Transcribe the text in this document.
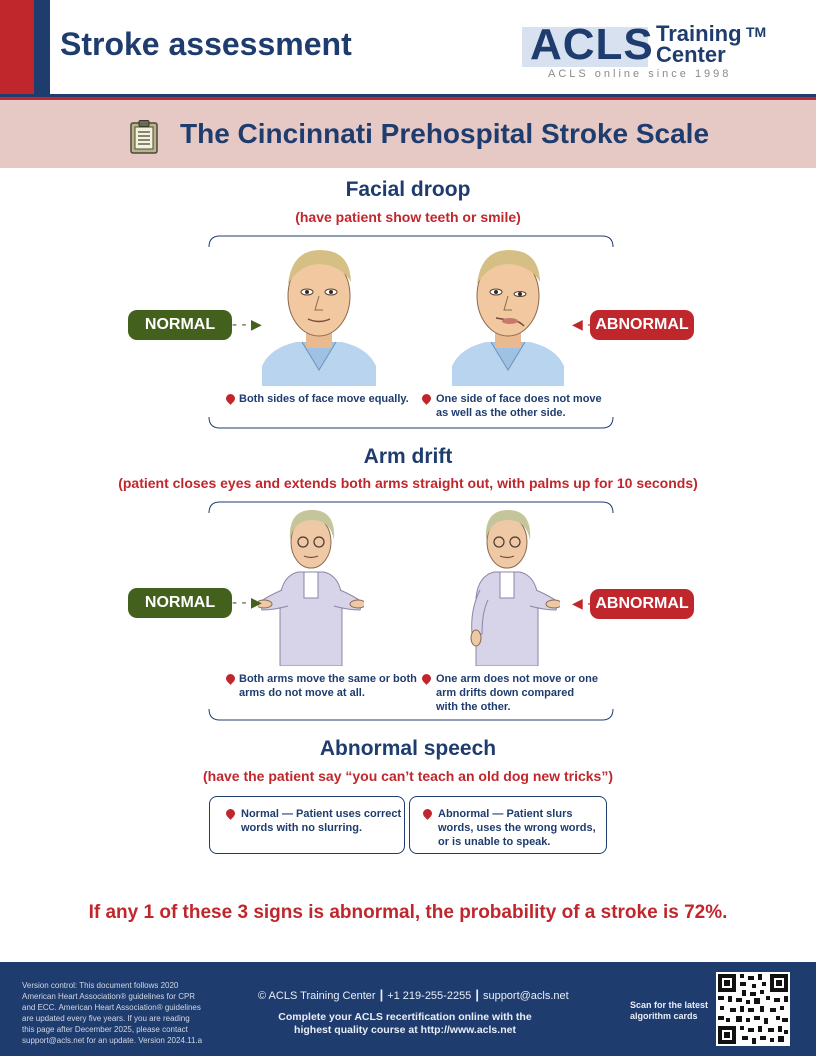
Stroke assessment	ACLS Training TM
Center
ACLS online since 1998
The Cincinnati Prehospital Stroke Scale
Facial droop
(have patient show teeth or smile)
NORMAL	‑ ‑ ▶	ABNORMAL
◀ ‑
Both sides of face move equally. One side of face does not move
as well as the other side.
Arm drift
(patient closes eyes and extends both arms straight out, with palms up for 10 seconds)
NORMAL	‑ ‑ ▶	ABNORMAL
◀ ‑
Both arms move the same or both
arms do not move at all.
One arm does not move or one
arm drifts down compared
with the other.
Abnormal speech
(have the patient say “you can’t teach an old dog new tricks”)
Normal — Patient uses correct
words with no slurring.
Abnormal — Patient slurs
words, uses the wrong words,
or is unable to speak.
If any 1 of these 3 signs is abnormal, the probability of a stroke is 72%.
Version control: This document follows 2020
American Heart Association® guidelines for CPR
and ECC. American Heart Association® guidelines
are updated every five years. If you are reading
this page after December 2025, please contact
support@acls.net for an update. Version 2024.11.a
© ACLS Training Center | +1 219-255-2255 | support@acls.net
Complete your ACLS recertification online with the
highest quality course at http://www.acls.net
Scan for the latest
algorithm cards
